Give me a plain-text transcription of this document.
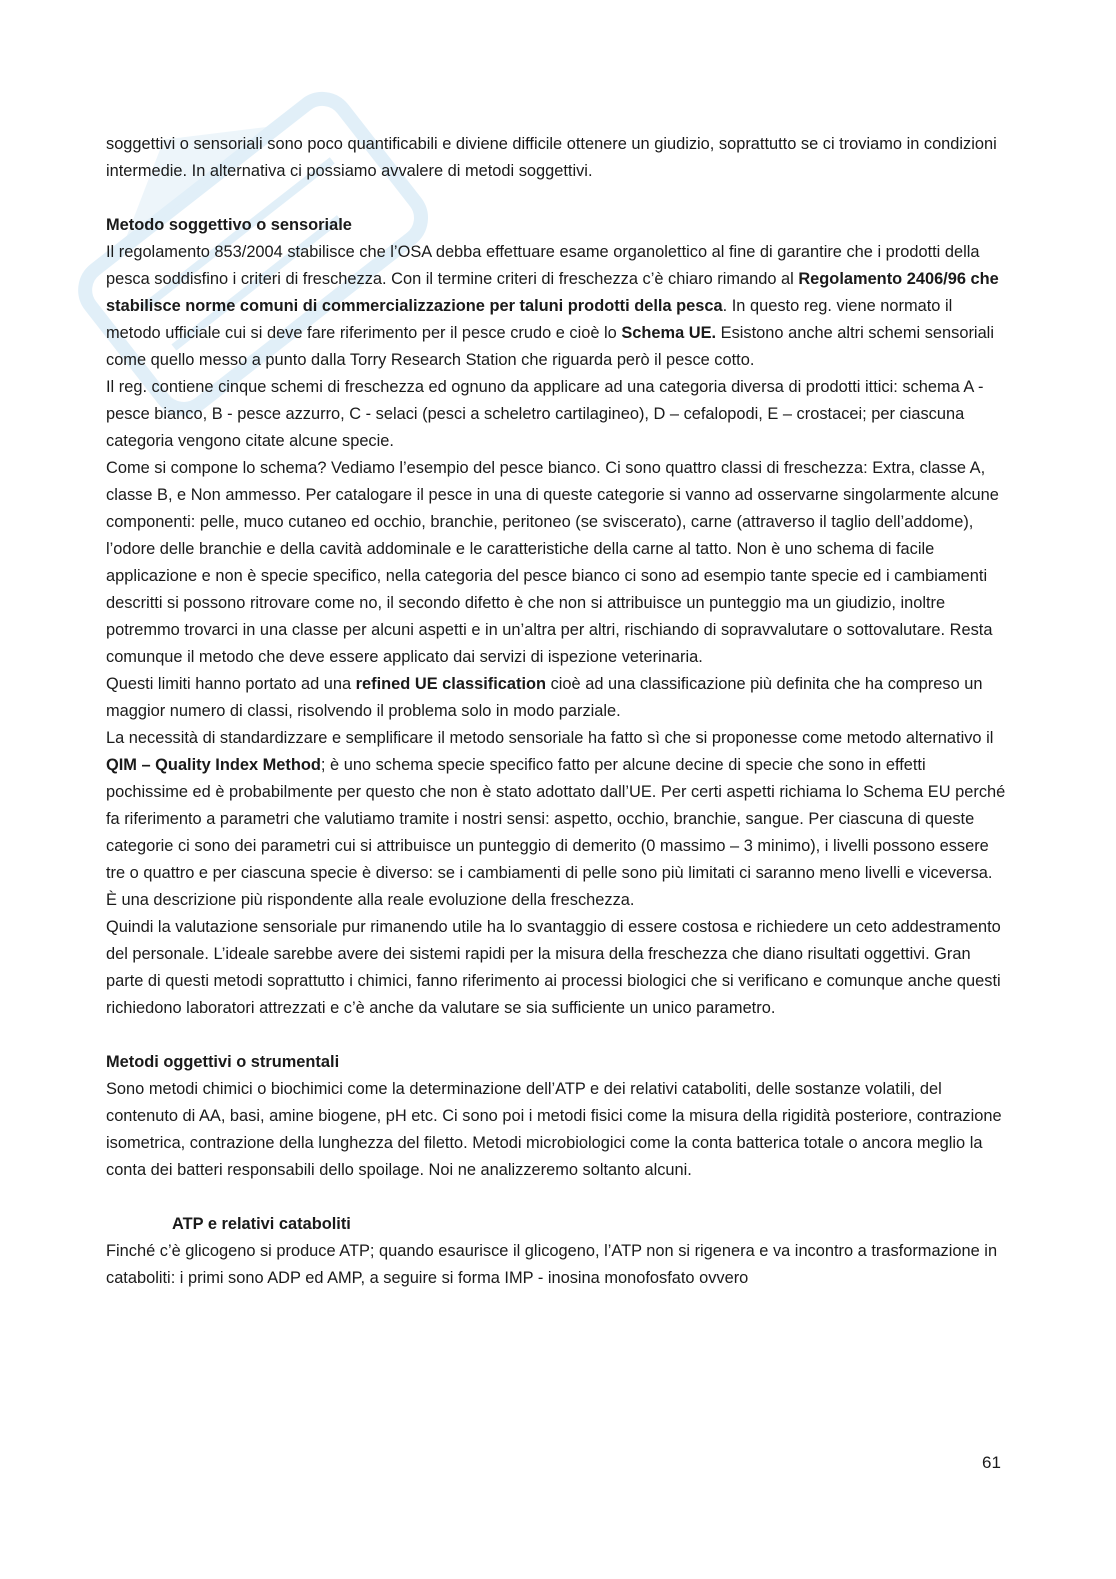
soggettivi o sensoriali sono poco quantificabili e diviene difficile ottenere un giudizio, soprattutto se ci troviamo in condizioni intermedie. In alternativa ci possiamo avvalere di metodi soggettivi.

Metodo soggettivo o sensoriale

Il regolamento 853/2004 stabilisce che l’OSA debba effettuare esame organolettico al fine di garantire che i prodotti della pesca soddisfino i criteri di freschezza. Con il termine criteri di freschezza c’è chiaro rimando al Regolamento 2406/96 che stabilisce norme comuni di commercializzazione per taluni prodotti della pesca. In questo reg. viene normato il metodo ufficiale cui si deve fare riferimento per il pesce crudo e cioè lo Schema UE. Esistono anche altri schemi sensoriali come quello messo a punto dalla Torry Research Station che riguarda però il pesce cotto.

Il reg. contiene cinque schemi di freschezza ed ognuno da applicare ad una categoria diversa di prodotti ittici: schema A - pesce bianco, B - pesce azzurro, C - selaci (pesci a scheletro cartilagineo), D – cefalopodi, E – crostacei; per ciascuna categoria vengono citate alcune specie.

Come si compone lo schema? Vediamo l’esempio del pesce bianco. Ci sono quattro classi di freschezza: Extra, classe A, classe B, e Non ammesso. Per catalogare il pesce in una di queste categorie si vanno ad osservarne singolarmente alcune componenti: pelle, muco cutaneo ed occhio, branchie, peritoneo (se sviscerato), carne (attraverso il taglio dell’addome), l’odore delle branchie e della cavità addominale e le caratteristiche della carne al tatto. Non è uno schema di facile applicazione e non è specie specifico, nella categoria del pesce bianco ci sono ad esempio tante specie ed i cambiamenti descritti si possono ritrovare come no, il secondo difetto è che non si attribuisce un punteggio ma un giudizio, inoltre potremmo trovarci in una classe per alcuni aspetti e in un’altra per altri, rischiando di sopravvalutare o sottovalutare. Resta comunque il metodo che deve essere applicato dai servizi di ispezione veterinaria.

Questi limiti hanno portato ad una refined UE classification cioè ad una classificazione più definita che ha compreso un maggior numero di classi, risolvendo il problema solo in modo parziale.

La necessità di standardizzare e semplificare il metodo sensoriale ha fatto sì che si proponesse come metodo alternativo il QIM – Quality Index Method; è uno schema specie specifico fatto per alcune decine di specie che sono in effetti pochissime ed è probabilmente per questo che non è stato adottato dall’UE. Per certi aspetti richiama lo Schema EU perché fa riferimento a parametri che valutiamo tramite i nostri sensi: aspetto, occhio, branchie, sangue. Per ciascuna di queste categorie ci sono dei parametri cui si attribuisce un punteggio di demerito (0 massimo – 3 minimo), i livelli possono essere tre o quattro e per ciascuna specie è diverso: se i cambiamenti di pelle sono più limitati ci saranno meno livelli e viceversa. È una descrizione più rispondente alla reale evoluzione della freschezza.

Quindi la valutazione sensoriale pur rimanendo utile ha lo svantaggio di essere costosa e richiedere un ceto addestramento del personale. L’ideale sarebbe avere dei sistemi rapidi per la misura della freschezza che diano risultati oggettivi. Gran parte di questi metodi soprattutto i chimici, fanno riferimento ai processi biologici che si verificano e comunque anche questi richiedono laboratori attrezzati e c’è anche da valutare se sia sufficiente un unico parametro.

Metodi oggettivi o strumentali

Sono metodi chimici o biochimici come la determinazione dell’ATP e dei relativi cataboliti, delle sostanze volatili, del contenuto di AA, basi, amine biogene, pH etc. Ci sono poi i metodi fisici come la misura della rigidità posteriore, contrazione isometrica, contrazione della lunghezza del filetto. Metodi microbiologici come la conta batterica totale o ancora meglio la conta dei batteri responsabili dello spoilage. Noi ne analizzeremo soltanto alcuni.

ATP e relativi cataboliti

Finché c’è glicogeno si produce ATP; quando esaurisce il glicogeno, l’ATP non si rigenera e va incontro a trasformazione in cataboliti: i primi sono ADP ed AMP, a seguire si forma IMP - inosina monofosfato ovvero

61
